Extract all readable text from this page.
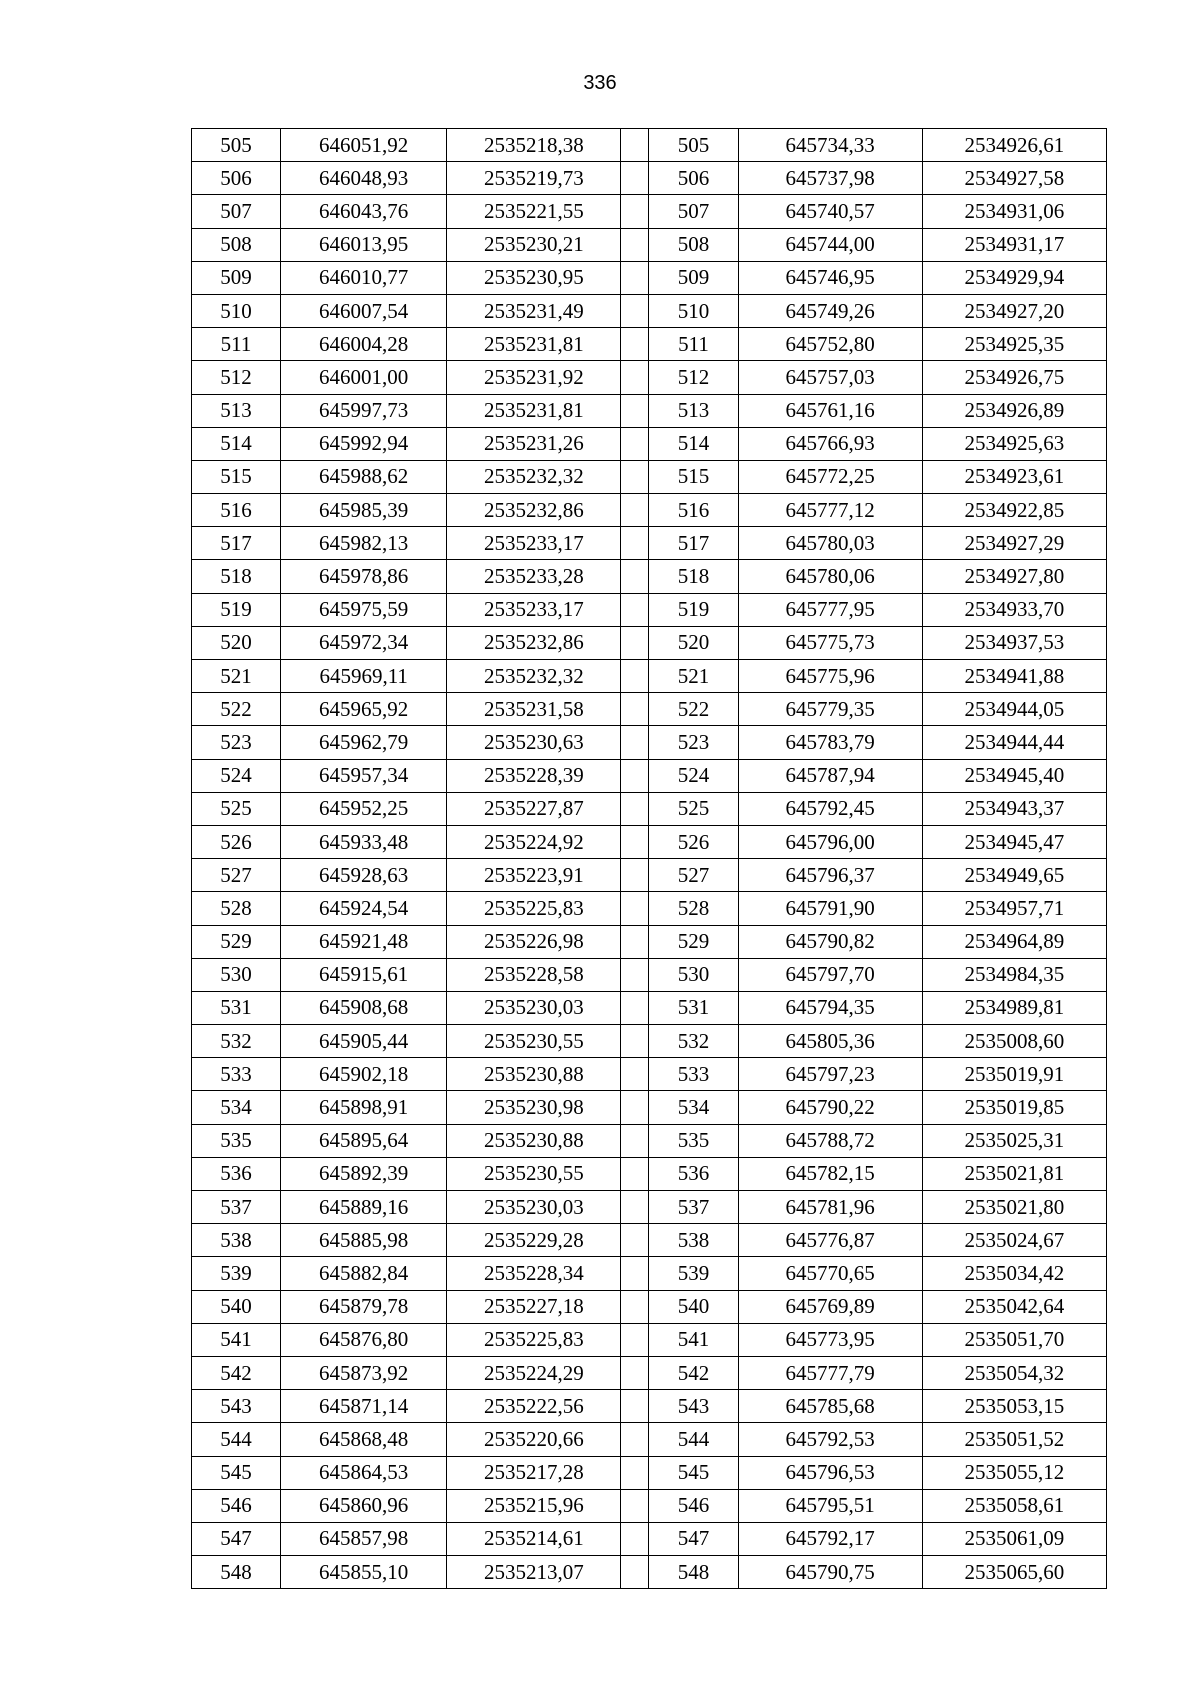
336
505	646051,92	2535218,38		505	645734,33	2534926,61
506	646048,93	2535219,73		506	645737,98	2534927,58
507	646043,76	2535221,55		507	645740,57	2534931,06
508	646013,95	2535230,21		508	645744,00	2534931,17
509	646010,77	2535230,95		509	645746,95	2534929,94
510	646007,54	2535231,49		510	645749,26	2534927,20
511	646004,28	2535231,81		511	645752,80	2534925,35
512	646001,00	2535231,92		512	645757,03	2534926,75
513	645997,73	2535231,81		513	645761,16	2534926,89
514	645992,94	2535231,26		514	645766,93	2534925,63
515	645988,62	2535232,32		515	645772,25	2534923,61
516	645985,39	2535232,86		516	645777,12	2534922,85
517	645982,13	2535233,17		517	645780,03	2534927,29
518	645978,86	2535233,28		518	645780,06	2534927,80
519	645975,59	2535233,17		519	645777,95	2534933,70
520	645972,34	2535232,86		520	645775,73	2534937,53
521	645969,11	2535232,32		521	645775,96	2534941,88
522	645965,92	2535231,58		522	645779,35	2534944,05
523	645962,79	2535230,63		523	645783,79	2534944,44
524	645957,34	2535228,39		524	645787,94	2534945,40
525	645952,25	2535227,87		525	645792,45	2534943,37
526	645933,48	2535224,92		526	645796,00	2534945,47
527	645928,63	2535223,91		527	645796,37	2534949,65
528	645924,54	2535225,83		528	645791,90	2534957,71
529	645921,48	2535226,98		529	645790,82	2534964,89
530	645915,61	2535228,58		530	645797,70	2534984,35
531	645908,68	2535230,03		531	645794,35	2534989,81
532	645905,44	2535230,55		532	645805,36	2535008,60
533	645902,18	2535230,88		533	645797,23	2535019,91
534	645898,91	2535230,98		534	645790,22	2535019,85
535	645895,64	2535230,88		535	645788,72	2535025,31
536	645892,39	2535230,55		536	645782,15	2535021,81
537	645889,16	2535230,03		537	645781,96	2535021,80
538	645885,98	2535229,28		538	645776,87	2535024,67
539	645882,84	2535228,34		539	645770,65	2535034,42
540	645879,78	2535227,18		540	645769,89	2535042,64
541	645876,80	2535225,83		541	645773,95	2535051,70
542	645873,92	2535224,29		542	645777,79	2535054,32
543	645871,14	2535222,56		543	645785,68	2535053,15
544	645868,48	2535220,66		544	645792,53	2535051,52
545	645864,53	2535217,28		545	645796,53	2535055,12
546	645860,96	2535215,96		546	645795,51	2535058,61
547	645857,98	2535214,61		547	645792,17	2535061,09
548	645855,10	2535213,07		548	645790,75	2535065,60
